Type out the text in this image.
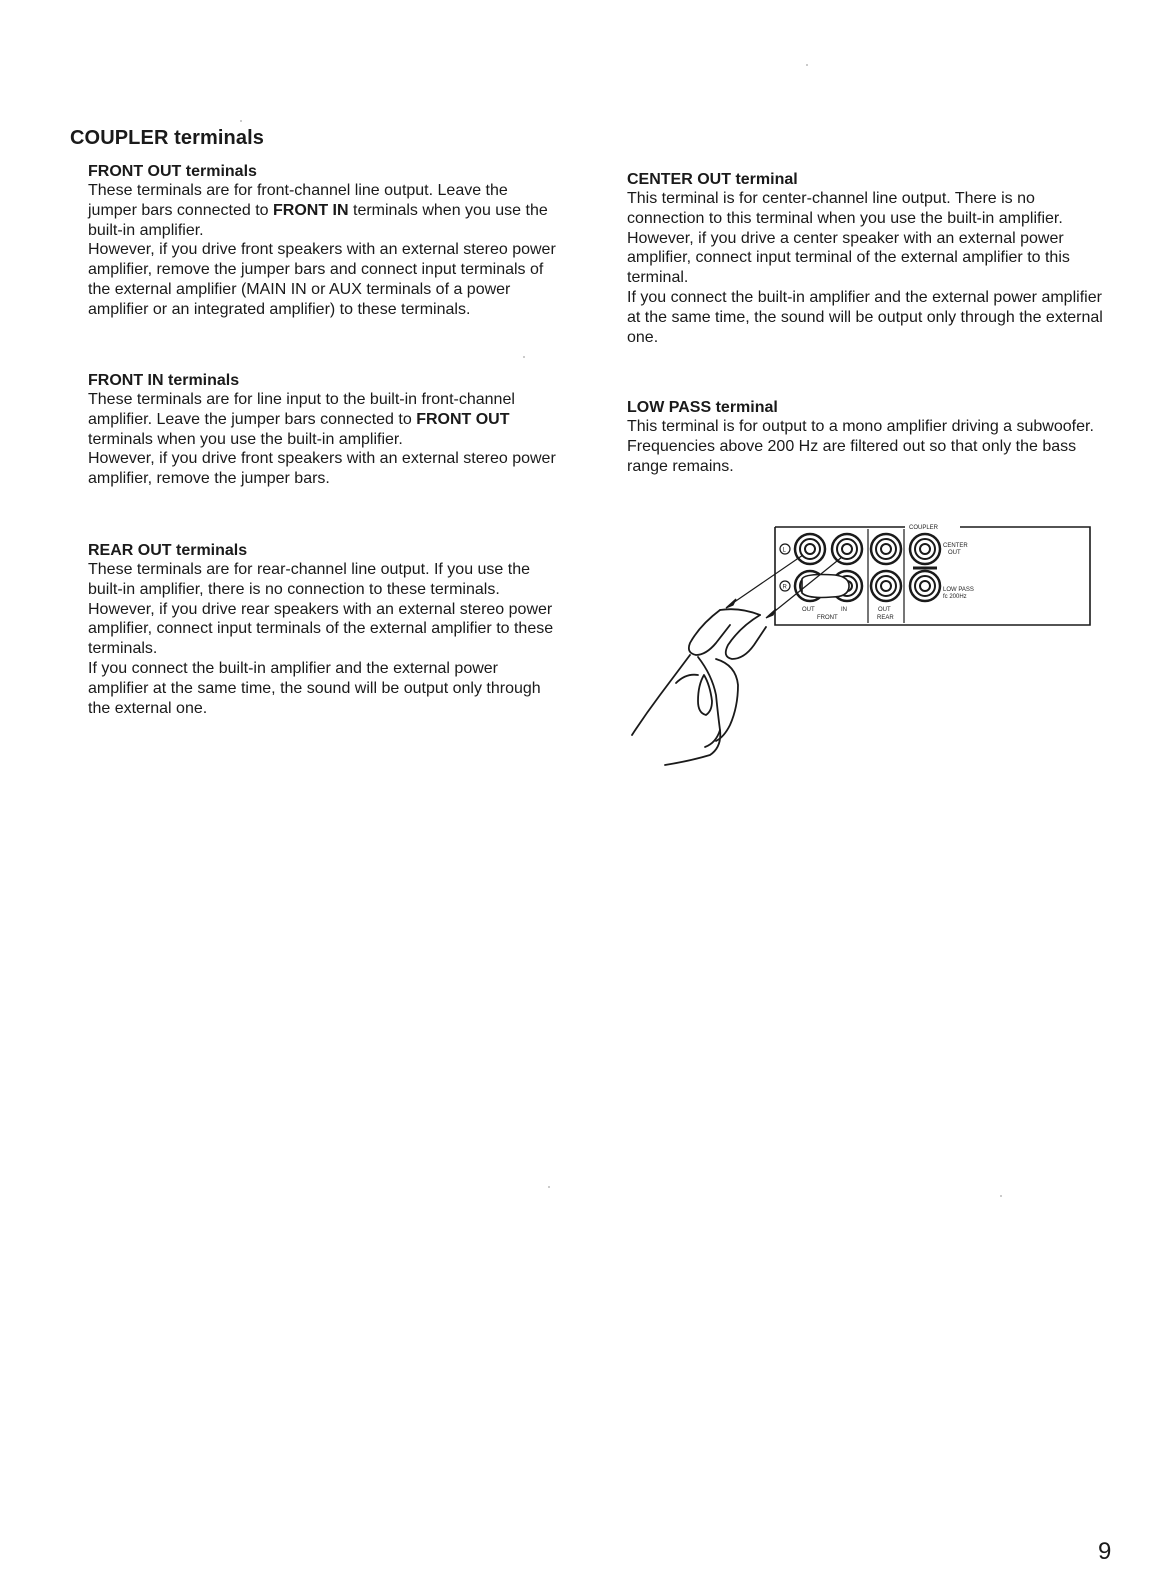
COUPLER terminals
FRONT OUT terminals

These terminals are for front-channel line output. Leave the jumper bars connected to FRONT IN terminals when you use the built-in amplifier.

However, if you drive front speakers with an external stereo power amplifier, remove the jumper bars and connect input terminals of the external amplifier (MAIN IN or AUX terminals of a power amplifier or an integrated amplifier) to these terminals.

FRONT IN terminals

These terminals are for line input to the built-in front-channel amplifier. Leave the jumper bars connected to FRONT OUT terminals when you use the built-in amplifier.

However, if you drive front speakers with an external stereo power amplifier, remove the jumper bars.

REAR OUT terminals

These terminals are for rear-channel line output. If you use the built-in amplifier, there is no connection to these terminals.

However, if you drive rear speakers with an external stereo power amplifier, connect input terminals of the external amplifier to these terminals.

If you connect the built-in amplifier and the external power amplifier at the same time, the sound will be output only through the external one.

CENTER OUT terminal

This terminal is for center-channel line output. There is no connection to this terminal when you use the built-in amplifier.

However, if you drive a center speaker with an external power amplifier, connect input terminal of the external amplifier to this terminal.

If you connect the built-in amplifier and the external power amplifier at the same time, the sound will be output only through the external one.

LOW PASS terminal

This terminal is for output to a mono amplifier driving a subwoofer. Frequencies above 200 Hz are filtered out so that only the bass range remains.

COUPLER
L
R
CENTER
OUT
LOW PASS
fc 200Hz
OUT	IN
FRONT
OUT
REAR

9
